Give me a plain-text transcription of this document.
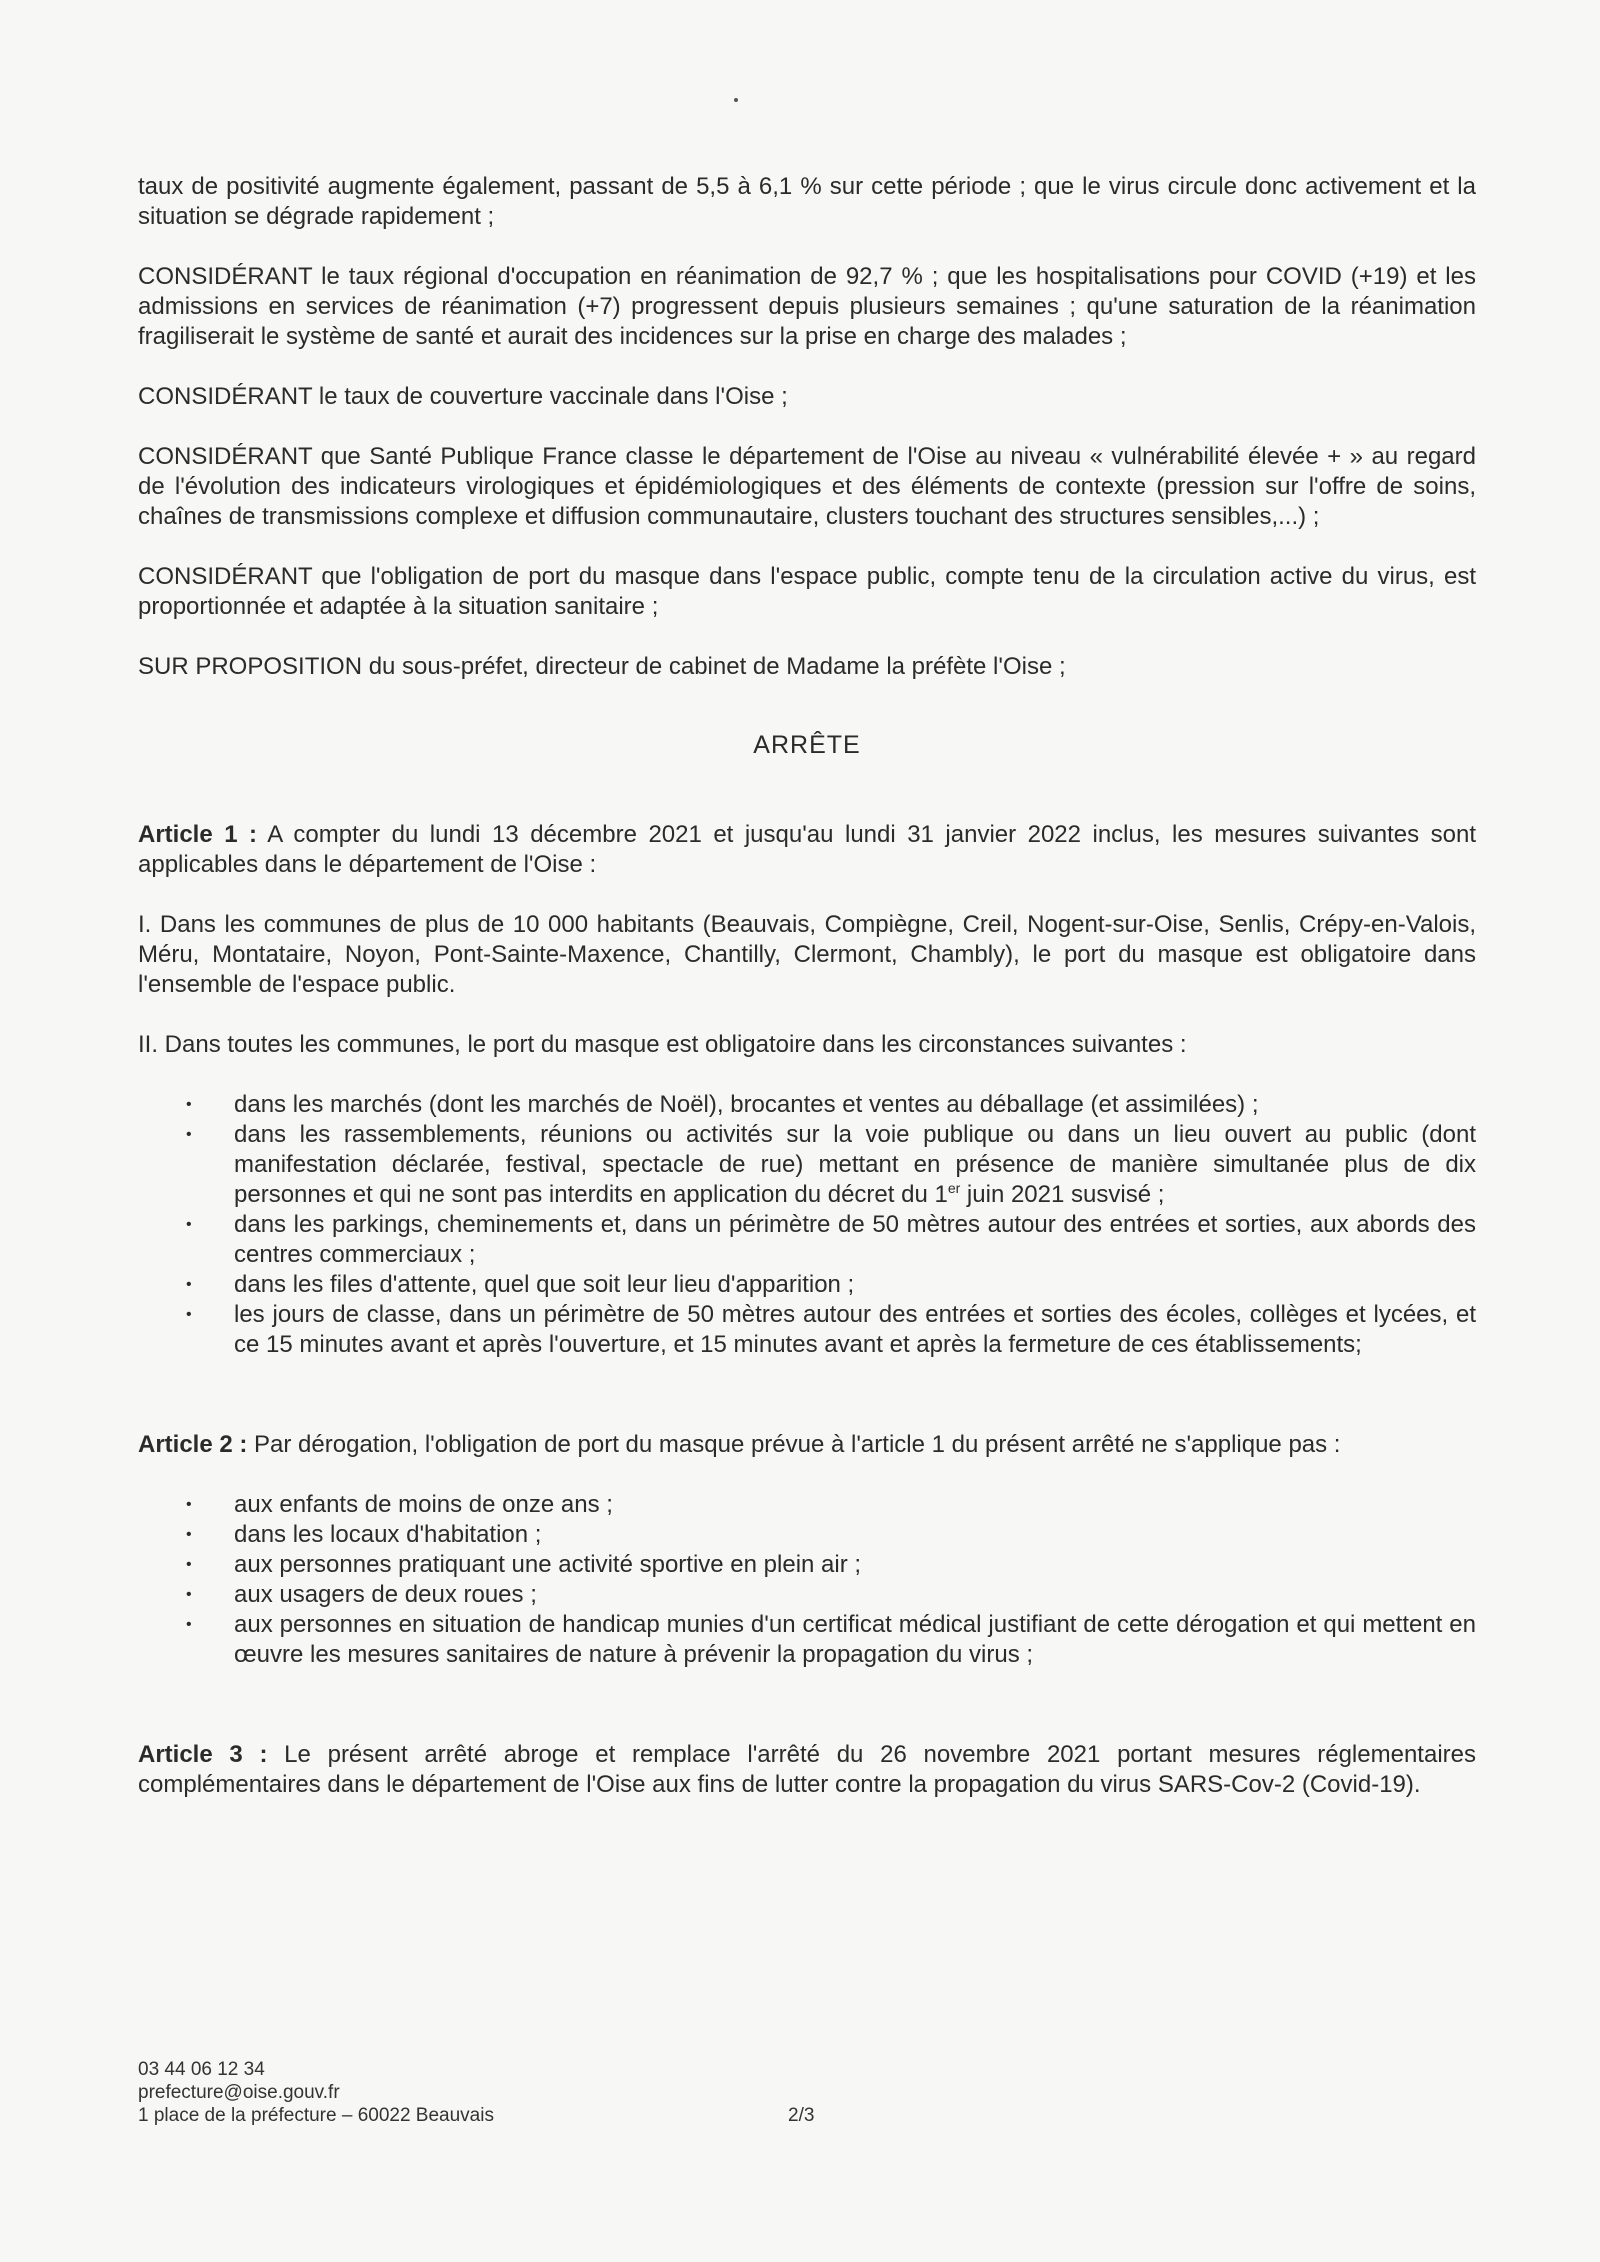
taux de positivité augmente également, passant de 5,5 à 6,1 % sur cette période ; que le virus circule donc activement et la situation se dégrade rapidement ;

CONSIDÉRANT le taux régional d'occupation en réanimation de 92,7 % ; que les hospitalisations pour COVID (+19) et les admissions en services de réanimation (+7) progressent depuis plusieurs semaines ; qu'une saturation de la réanimation fragiliserait le système de santé et aurait des incidences sur la prise en charge des malades ;

CONSIDÉRANT le taux de couverture vaccinale dans l'Oise ;

CONSIDÉRANT que Santé Publique France classe le département de l'Oise au niveau « vulnérabilité élevée + » au regard de l'évolution des indicateurs virologiques et épidémiologiques et des éléments de contexte (pression sur l'offre de soins, chaînes de transmissions complexe et diffusion communautaire, clusters touchant des structures sensibles,...) ;

CONSIDÉRANT que l'obligation de port du masque dans l'espace public, compte tenu de la circulation active du virus, est proportionnée et adaptée à la situation sanitaire ;

SUR PROPOSITION du sous-préfet, directeur de cabinet de Madame la préfète l'Oise ;

ARRÊTE

Article 1 : A compter du lundi 13 décembre 2021 et jusqu'au lundi 31 janvier 2022 inclus, les mesures suivantes sont applicables dans le département de l'Oise :

I. Dans les communes de plus de 10 000 habitants (Beauvais, Compiègne, Creil, Nogent-sur-Oise, Senlis, Crépy-en-Valois, Méru, Montataire, Noyon, Pont-Sainte-Maxence, Chantilly, Clermont, Chambly), le port du masque est obligatoire dans l'ensemble de l'espace public.

II. Dans toutes les communes, le port du masque est obligatoire dans les circonstances suivantes :

• dans les marchés (dont les marchés de Noël), brocantes et ventes au déballage (et assimilées) ;
• dans les rassemblements, réunions ou activités sur la voie publique ou dans un lieu ouvert au public (dont manifestation déclarée, festival, spectacle de rue) mettant en présence de manière simultanée plus de dix personnes et qui ne sont pas interdits en application du décret du 1er juin 2021 susvisé ;
• dans les parkings, cheminements et, dans un périmètre de 50 mètres autour des entrées et sorties, aux abords des centres commerciaux ;
• dans les files d'attente, quel que soit leur lieu d'apparition ;
• les jours de classe, dans un périmètre de 50 mètres autour des entrées et sorties des écoles, collèges et lycées, et ce 15 minutes avant et après l'ouverture, et 15 minutes avant et après la fermeture de ces établissements;

Article 2 : Par dérogation, l'obligation de port du masque prévue à l'article 1 du présent arrêté ne s'applique pas :

• aux enfants de moins de onze ans ;
• dans les locaux d'habitation ;
• aux personnes pratiquant une activité sportive en plein air ;
• aux usagers de deux roues ;
• aux personnes en situation de handicap munies d'un certificat médical justifiant de cette dérogation et qui mettent en œuvre les mesures sanitaires de nature à prévenir la propagation du virus ;

Article 3 : Le présent arrêté abroge et remplace l'arrêté du 26 novembre 2021 portant mesures réglementaires complémentaires dans le département de l'Oise aux fins de lutter contre la propagation du virus SARS-Cov-2 (Covid-19).

03 44 06 12 34
prefecture@oise.gouv.fr
1 place de la préfecture – 60022 Beauvais	2/3
